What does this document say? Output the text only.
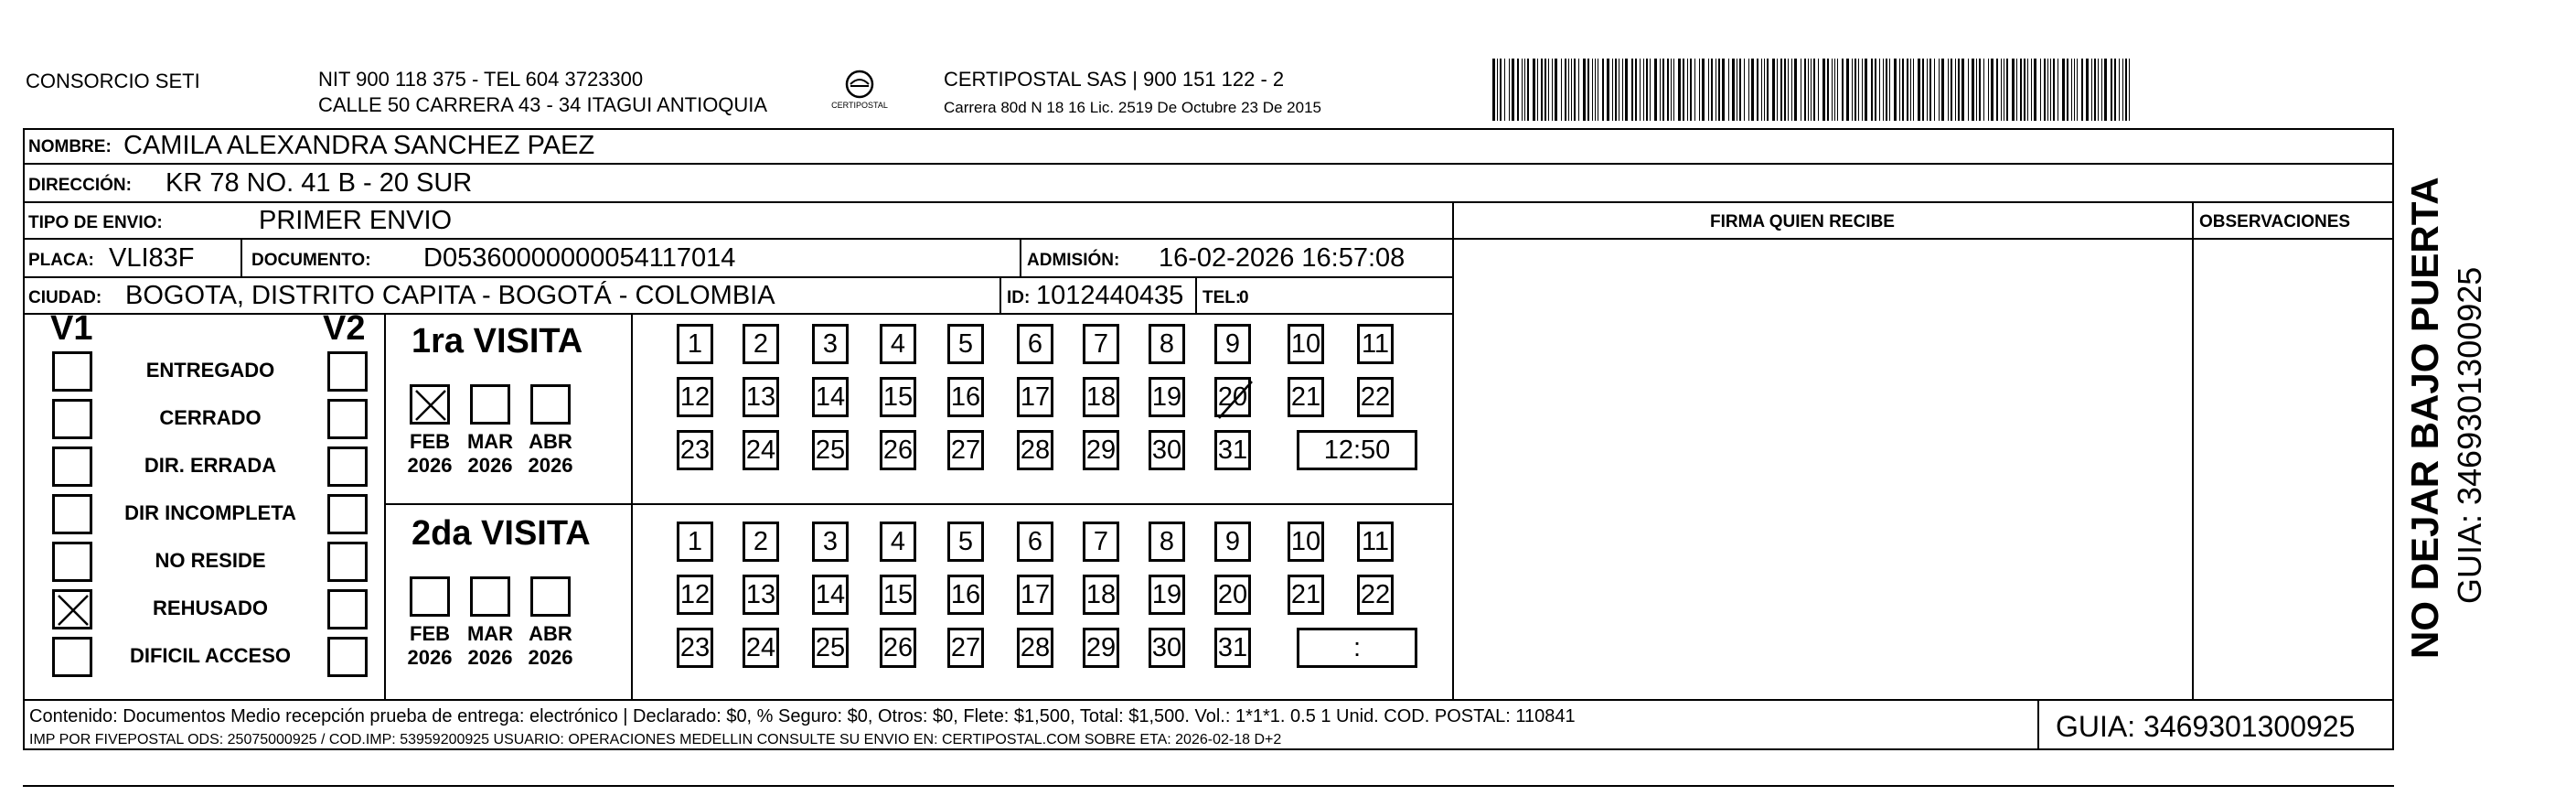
CONSORCIO SETI	NIT 900 118 375 - TEL 604 3723300
CALLE 50 CARRERA 43 - 34 ITAGUI ANTIOQUIA	CERTIPOSTAL
CERTIPOSTAL SAS | 900 151 122 - 2
Carrera 80d N 18 16 Lic. 2519 De Octubre 23 De 2015
NOMBRE: CAMILA ALEXANDRA SANCHEZ PAEZ
DIRECCIÓN: KR 78 NO. 41 B - 20 SUR
FIRMA QUIEN RECIBE	OBSERVACIONES
TIPO DE ENVIO:	PRIMER ENVIO
PLACA: VLI83F	DOCUMENTO: D05360000000054117014	ADMISIÓN: 16-02-2026 16:57:08
CIUDAD: BOGOTA, DISTRITO CAPITA - BOGOTÁ - COLOMBIA	ID: 1012440435 TEL:
0
V1	V2
ENTREGADO
CERRADO
DIR. ERRADA
DIR INCOMPLETA
NO RESIDE
REHUSADO
DIFICIL ACCESO
1ra VISITA
FEB
2026
MAR
2026
ABR
2026
1	2	3	4	5	6	7	8	9	10 11
12 13 14 15 16 17 18 19 20 21 22
23 24 25 26 27 28 29 30 31	12:50
2da VISITA
FEB
2026
MAR
2026
ABR
2026
1	2	3	4	5	6	7	8	9	10 11
12 13 14 15 16 17 18 19 20 21 22
23 24 25 26 27 28 29 30 31	:
Contenido: Documentos Medio recepción prueba de entrega: electrónico | Declarado: $0, % Seguro: $0, Otros: $0, Flete: $1,500, Total: $1,500. Vol.: 1*1*1. 0.5 1 Unid. COD. POSTAL: 110841
IMP POR FIVEPOSTAL ODS: 25075000925 / COD.IMP: 53959200925 USUARIO: OPERACIONES MEDELLIN CONSULTE SU ENVIO EN: CERTIPOSTAL.COM SOBRE ETA: 2026-02-18 D+2	GUIA: 3469301300925
NO DEJAR BAJO PUERTA GUIA: 3469301300925
